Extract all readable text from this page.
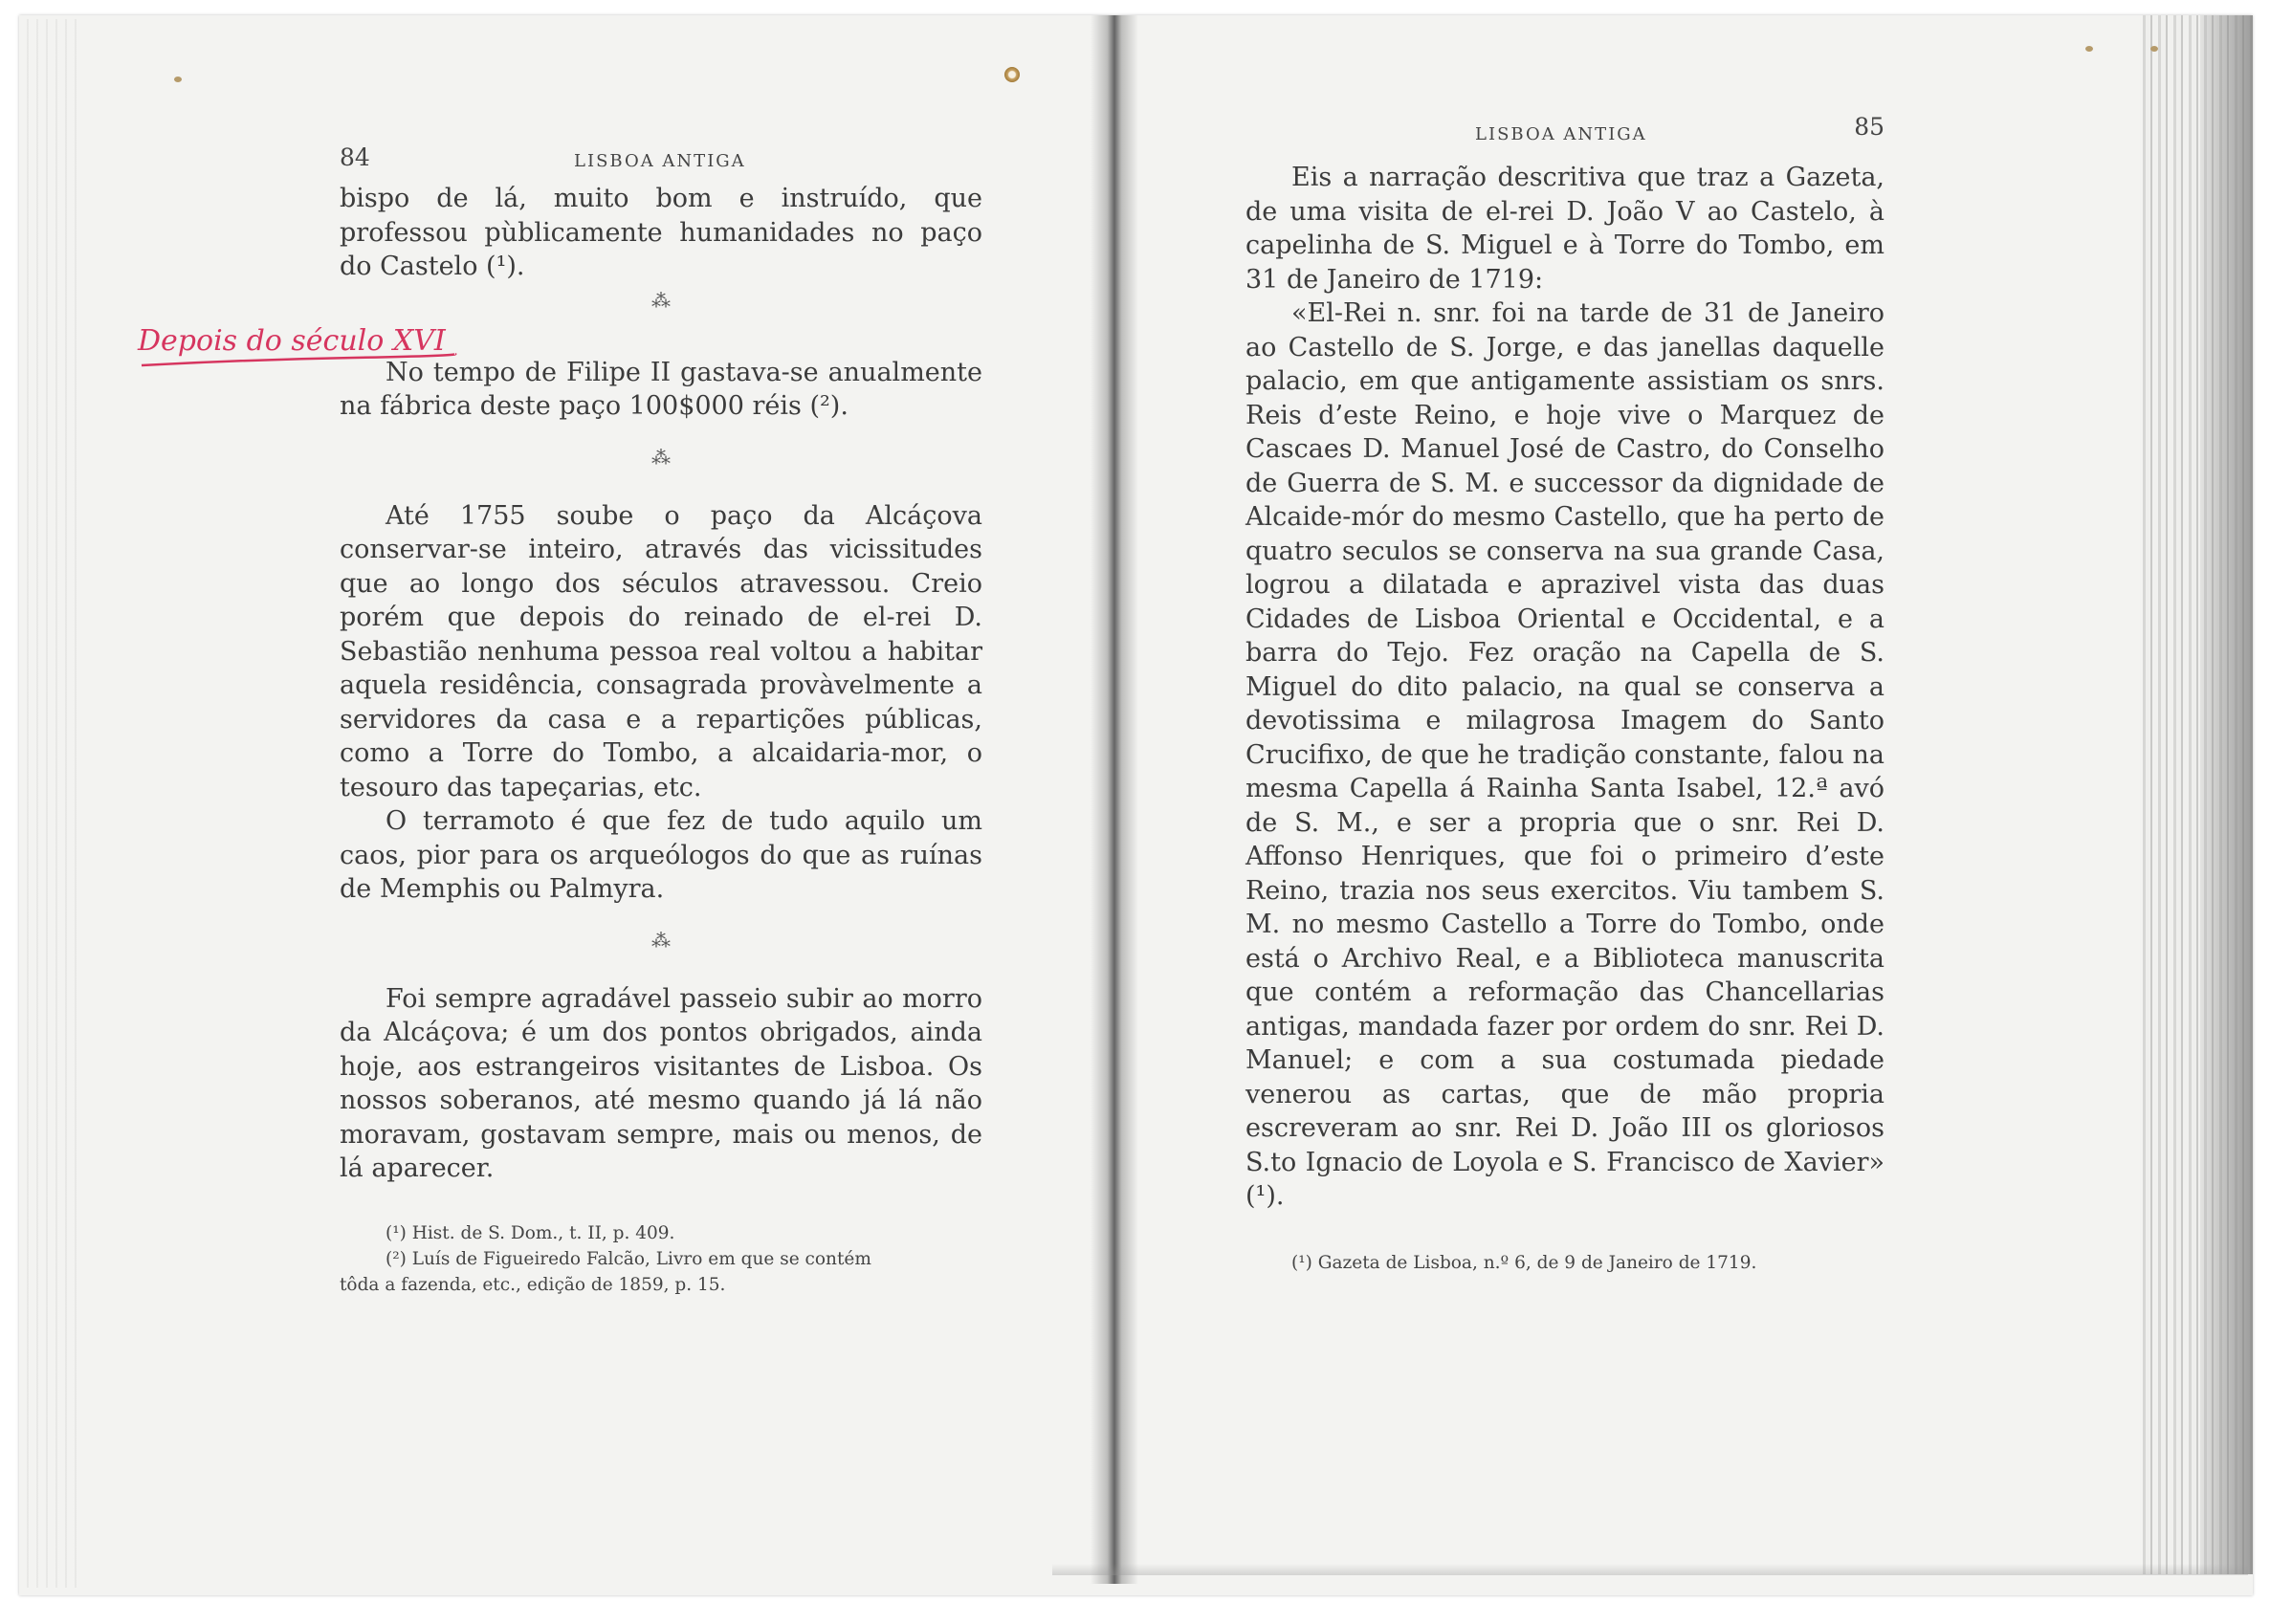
84	LISBOA ANTIGA

bispo de lá, muito bom e instruído, que professou pùblicamente humanidades no paço do Castelo (¹).

⁂

No tempo de Filipe II gastava-se anualmente na fábrica deste paço 100$000 réis (²).

⁂

Até 1755 soube o paço da Alcáçova conservar-se inteiro, através das vicissitudes que ao longo dos séculos atravessou. Creio porém que depois do reinado de el-rei D. Sebastião nenhuma pessoa real voltou a habitar aquela residência, consagrada provàvelmente a servidores da casa e a repartições públicas, como a Torre do Tombo, a alcaidaria-mor, o tesouro das tapeçarias, etc.

O terramoto é que fez de tudo aquilo um caos, pior para os arqueólogos do que as ruínas de Memphis ou Palmyra.

⁂

Foi sempre agradável passeio subir ao morro da Alcáçova; é um dos pontos obrigados, ainda hoje, aos estrangeiros visitantes de Lisboa. Os nossos soberanos, até mesmo quando já lá não moravam, gostavam sempre, mais ou menos, de lá aparecer.

(¹) Hist. de S. Dom., t. II, p. 409.

(²) Luís de Figueiredo Falcão, Livro em que se contém

tôda a fazenda, etc., edição de 1859, p. 15.

Depois do século XVI
LISBOA ANTIGA	85

Eis a narração descritiva que traz a Gazeta, de uma visita de el-rei D. João V ao Castelo, à capelinha de S. Miguel e à Torre do Tombo, em 31 de Janeiro de 1719:

«El-Rei n. snr. foi na tarde de 31 de Janeiro ao Castello de S. Jorge, e das janellas daquelle palacio, em que antigamente assistiam os snrs. Reis d’este Reino, e hoje vive o Marquez de Cascaes D. Manuel José de Castro, do Conselho de Guerra de S. M. e successor da dignidade de Alcaide-mór do mesmo Castello, que ha perto de quatro seculos se conserva na sua grande Casa, logrou a dilatada e aprazivel vista das duas Cidades de Lisboa Oriental e Occidental, e a barra do Tejo. Fez oração na Capella de S. Miguel do dito palacio, na qual se conserva a devotissima e milagrosa Imagem do Santo Crucifixo, de que he tradição constante, falou na mesma Capella á Rainha Santa Isabel, 12.ª avó de S. M., e ser a propria que o snr. Rei D. Affonso Henriques, que foi o primeiro d’este Reino, trazia nos seus exercitos. Viu tambem S. M. no mesmo Castello a Torre do Tombo, onde está o Archivo Real, e a Biblioteca manuscrita que contém a reformação das Chancellarias antigas, mandada fazer por ordem do snr. Rei D. Manuel; e com a sua costumada piedade venerou as cartas, que de mão propria escreveram ao snr. Rei D. João III os gloriosos S.to Ignacio de Loyola e S. Francisco de Xavier» (¹).

(¹) Gazeta de Lisboa, n.º 6, de 9 de Janeiro de 1719.
